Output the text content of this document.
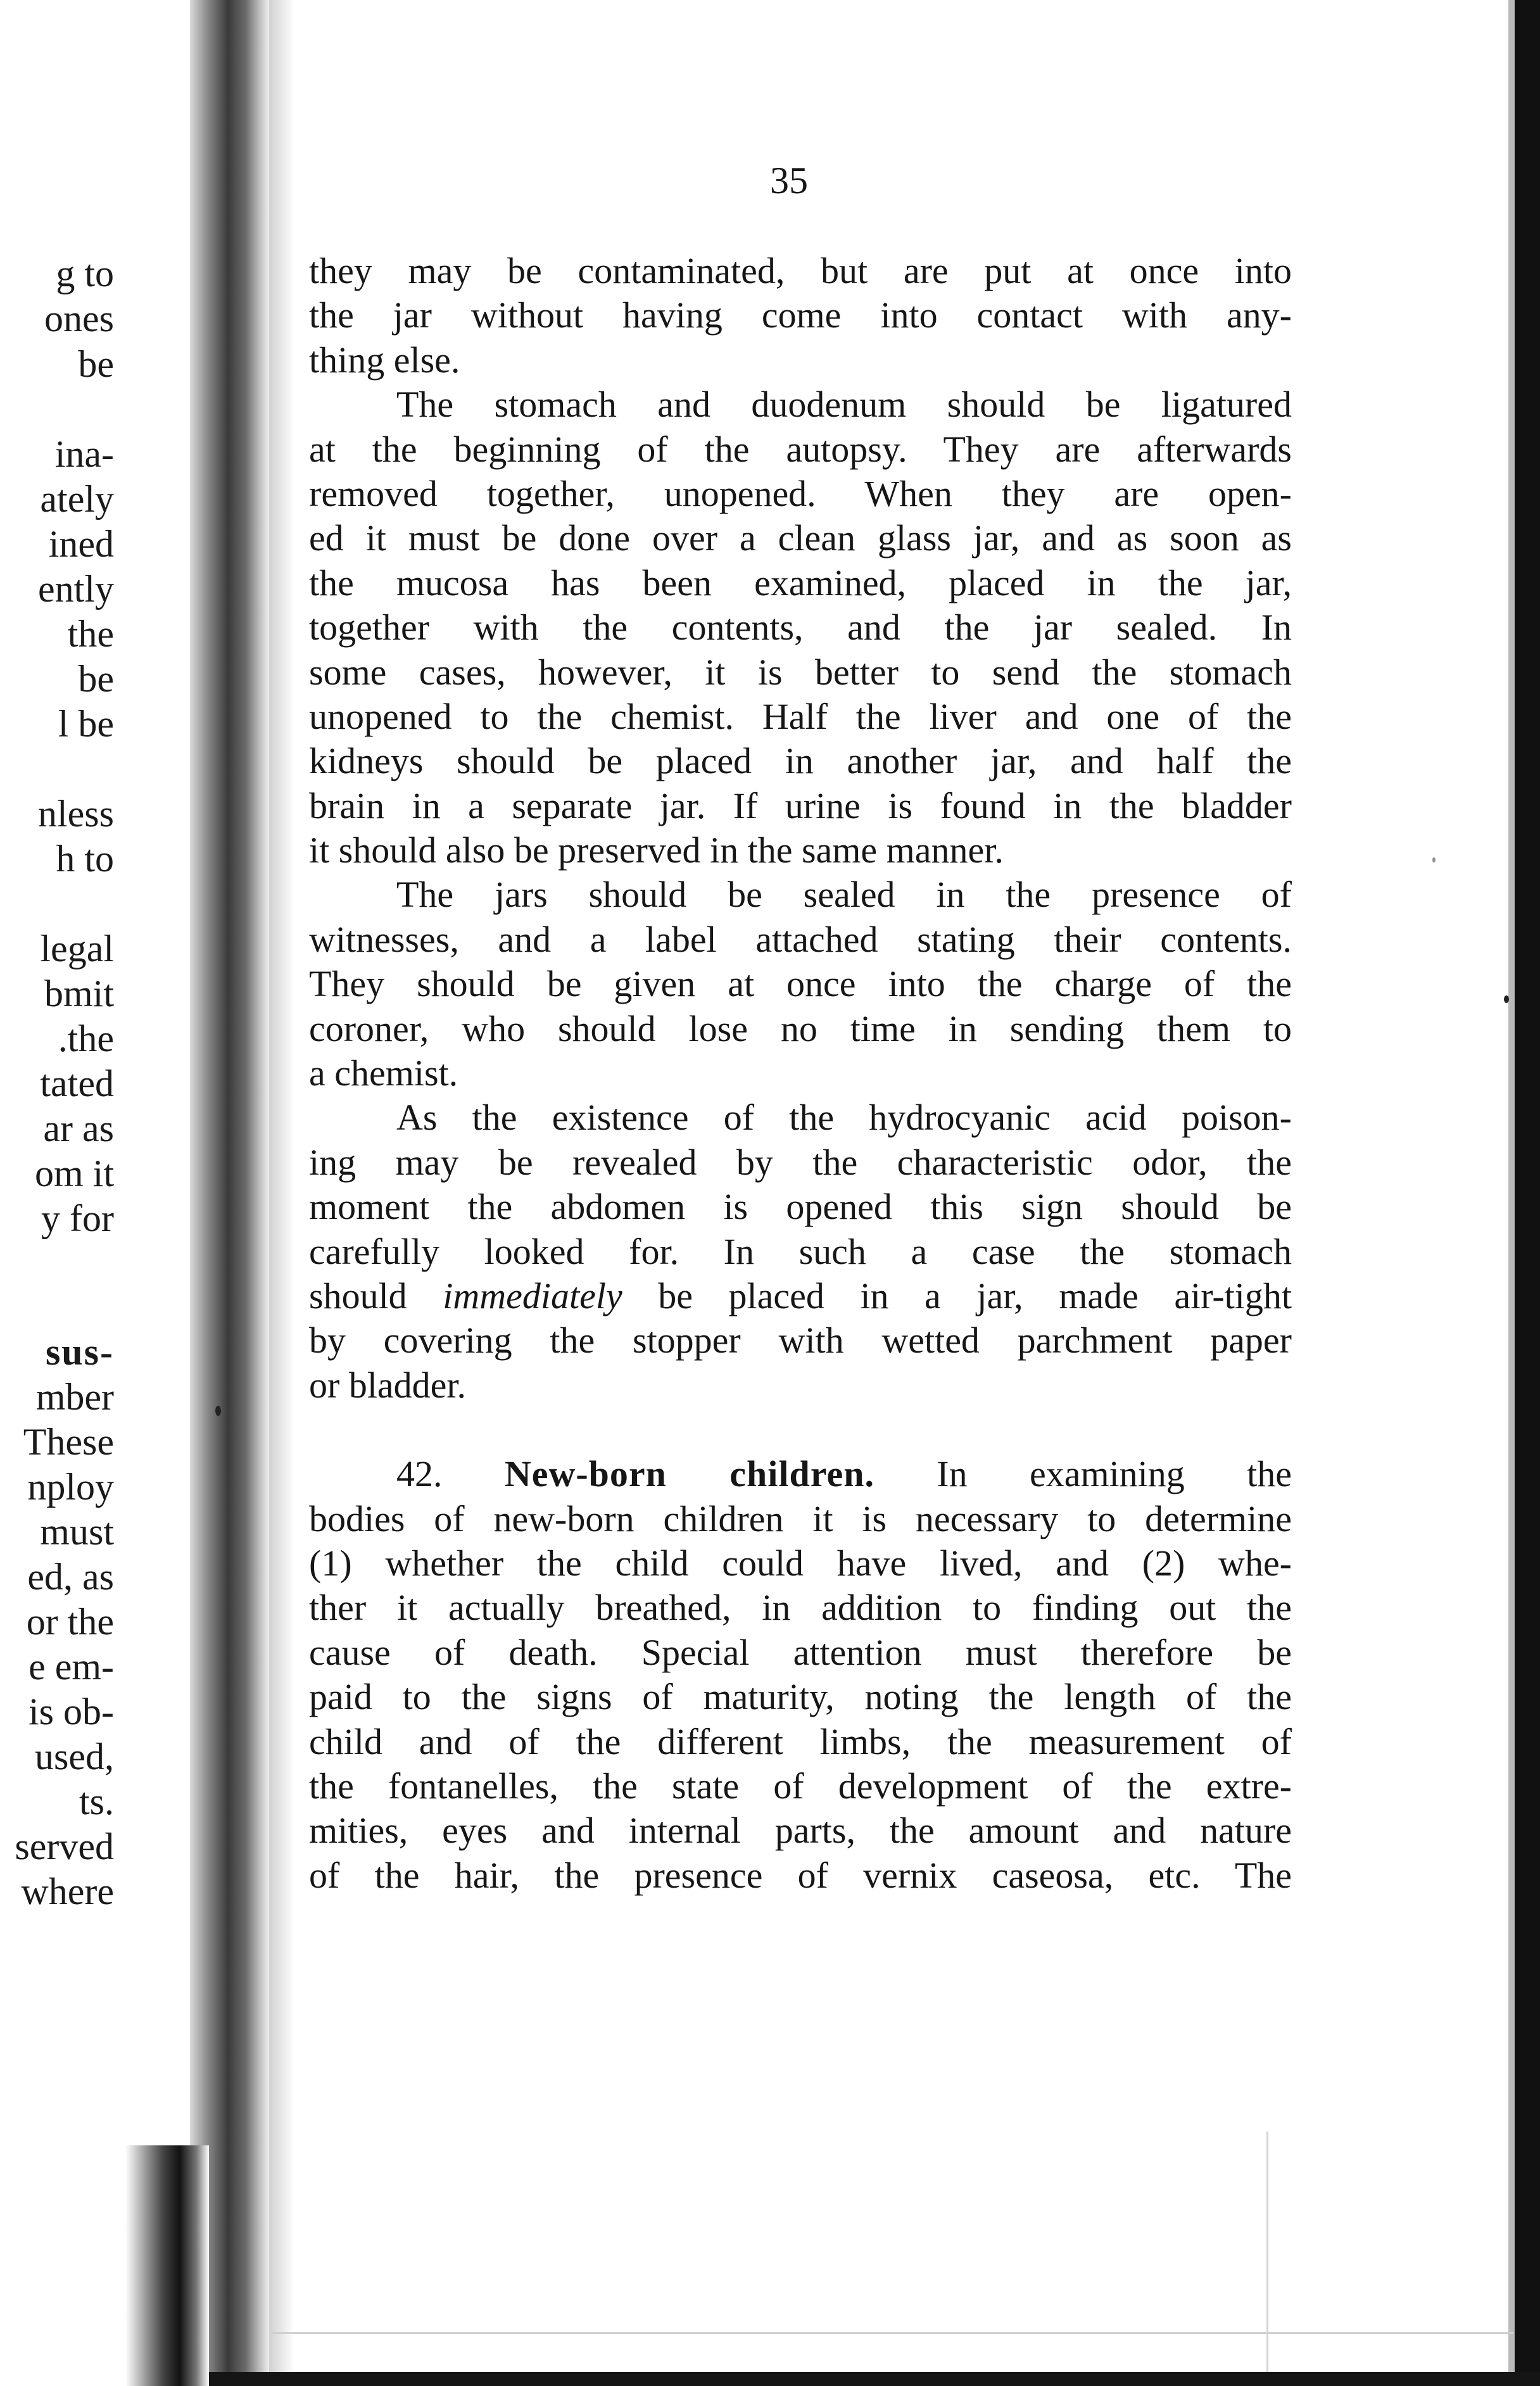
g to
ones
be
ina-
ately
ined
ently
the
be
l be
nless
h to
legal
bmit
.the
tated
ar as
om it
y for
sus-
mber
These
nploy
must
ed, as
or the
e em-
is ob-
used,
ts.
served
where
35
they may be contaminated, but are put at once into
the jar without having come into contact with any-
thing else.
The stomach and duodenum should be ligatured
at the beginning of the autopsy. They are afterwards
removed together, unopened. When they are open-
ed it must be done over a clean glass jar, and as soon as
the mucosa has been examined, placed in the jar,
together with the contents, and the jar sealed. In
some cases, however, it is better to send the stomach
unopened to the chemist. Half the liver and one of the
kidneys should be placed in another jar, and half the
brain in a separate jar. If urine is found in the bladder
it should also be preserved in the same manner.
The jars should be sealed in the presence of
witnesses, and a label attached stating their contents.
They should be given at once into the charge of the
coroner, who should lose no time in sending them to
a chemist.
As the existence of the hydrocyanic acid poison-
ing may be revealed by the characteristic odor, the
moment the abdomen is opened this sign should be
carefully looked for. In such a case the stomach
should immediately be placed in a jar, made air-tight
by covering the stopper with wetted parchment paper
or bladder.
42. New-born children. In examining the
bodies of new-born children it is necessary to determine
(1) whether the child could have lived, and (2) whe-
ther it actually breathed, in addition to finding out the
cause of death. Special attention must therefore be
paid to the signs of maturity, noting the length of the
child and of the different limbs, the measurement of
the fontanelles, the state of development of the extre-
mities, eyes and internal parts, the amount and nature
of the hair, the presence of vernix caseosa, etc. The
